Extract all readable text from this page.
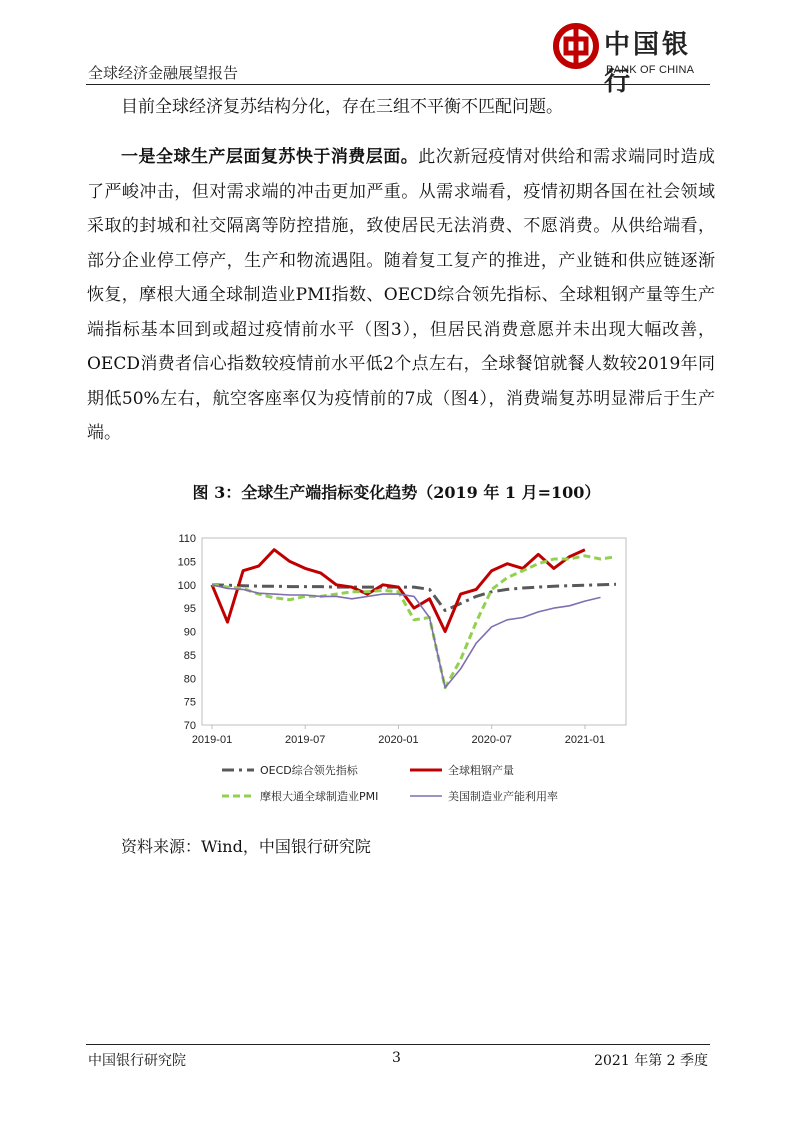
全球经济金融展望报告
中国银行
BANK OF CHINA
目前全球经济复苏结构分化，存在三组不平衡不匹配问题。
一是全球生产层面复苏快于消费层面。此次新冠疫情对供给和需求端同时造成了严峻冲击，但对需求端的冲击更加严重。从需求端看，疫情初期各国在社会领域采取的封城和社交隔离等防控措施，致使居民无法消费、不愿消费。从供给端看，部分企业停工停产，生产和物流遇阻。随着复工复产的推进，产业链和供应链逐渐恢复，摩根大通全球制造业PMI指数、OECD综合领先指标、全球粗钢产量等生产端指标基本回到或超过疫情前水平（图3），但居民消费意愿并未出现大幅改善，OECD消费者信心指数较疫情前水平低2个点左右，全球餐馆就餐人数较2019年同期低50%左右，航空客座率仅为疫情前的7成（图4），消费端复苏明显滞后于生产端。
图 3：全球生产端指标变化趋势（2019 年 1 月=100）
70
75
80
85
90
95
100
105
110
2019-01	2019-07	2020-01	2020-07	2021-01
OECD综合领先指标	全球粗钢产量
摩根大通全球制造业PMI	美国制造业产能利用率
资料来源：Wind，中国银行研究院
中国银行研究院	3	2021 年第 2 季度
